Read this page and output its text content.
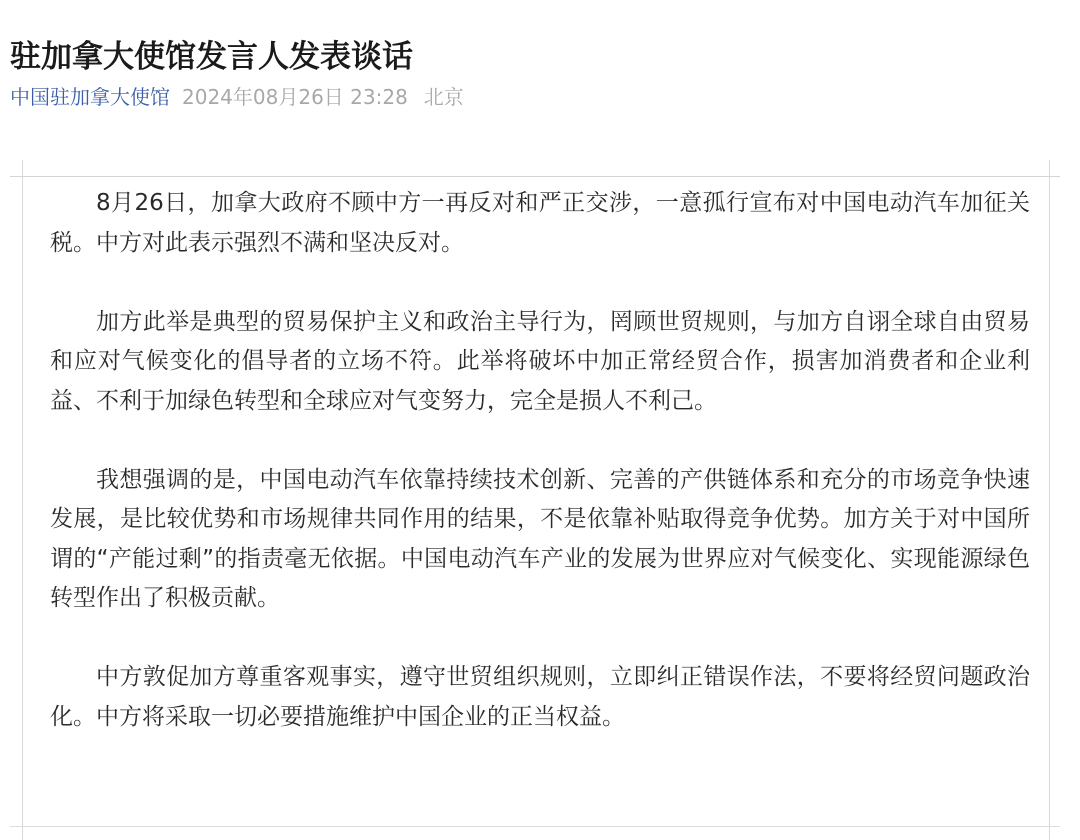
驻加拿大使馆发言人发表谈话
中国驻加拿大使馆 2024年08月26日 23:28 北京

8月26日，加拿大政府不顾中方一再反对和严正交涉，一意孤行宣布对中国电动汽车加征关税。中方对此表示强烈不满和坚决反对。

加方此举是典型的贸易保护主义和政治主导行为，罔顾世贸规则，与加方自诩全球自由贸易和应对气候变化的倡导者的立场不符。此举将破坏中加正常经贸合作，损害加消费者和企业利益、不利于加绿色转型和全球应对气变努力，完全是损人不利己。

我想强调的是，中国电动汽车依靠持续技术创新、完善的产供链体系和充分的市场竞争快速发展，是比较优势和市场规律共同作用的结果，不是依靠补贴取得竞争优势。加方关于对中国所谓的“产能过剩”的指责毫无依据。中国电动汽车产业的发展为世界应对气候变化、实现能源绿色转型作出了积极贡献。

中方敦促加方尊重客观事实，遵守世贸组织规则，立即纠正错误作法，不要将经贸问题政治化。中方将采取一切必要措施维护中国企业的正当权益。
